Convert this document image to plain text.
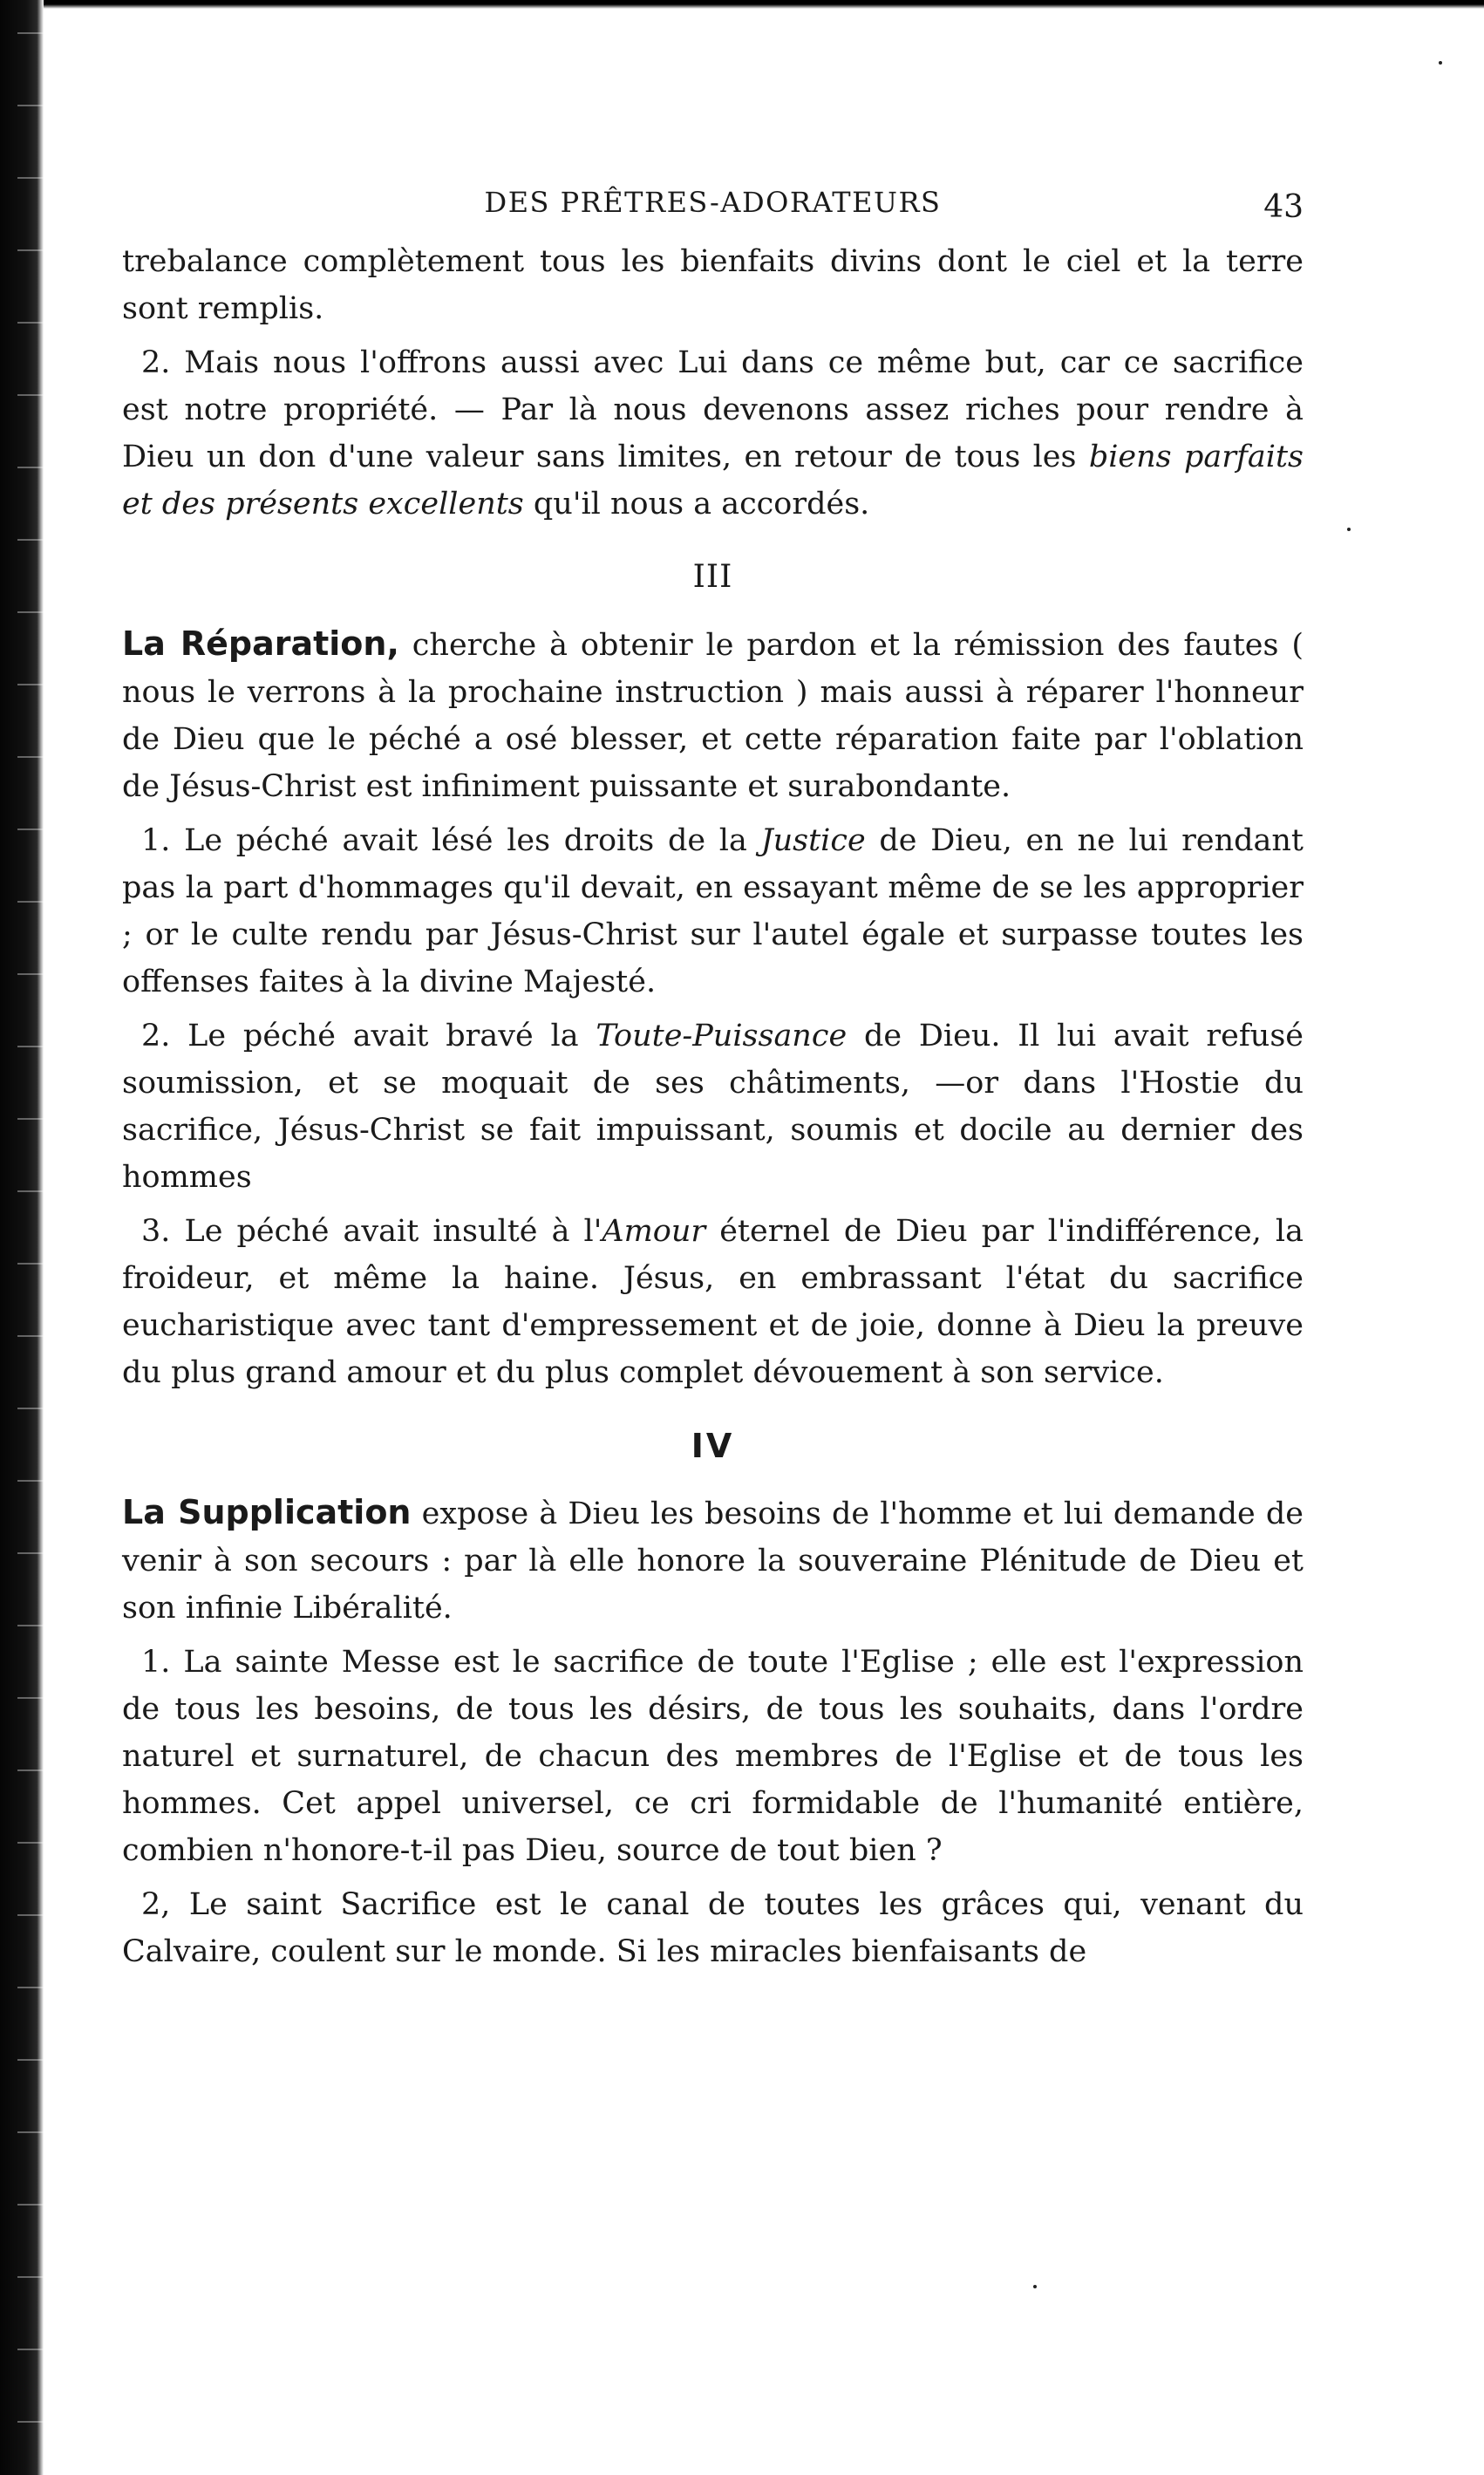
DES PRÊTRES-ADORATEURS	43

trebalance complètement tous les bienfaits divins dont le ciel et la terre sont remplis.

2. Mais nous l'offrons aussi avec Lui dans ce même but, car ce sacrifice est notre propriété. — Par là nous devenons assez riches pour rendre à Dieu un don d'une valeur sans limites, en retour de tous les biens parfaits et des présents excellents qu'il nous a accordés.

III

La Réparation, cherche à obtenir le pardon et la rémission des fautes ( nous le verrons à la prochaine instruction ) mais aussi à réparer l'honneur de Dieu que le péché a osé blesser, et cette réparation faite par l'oblation de Jésus-Christ est infiniment puissante et surabondante.

1. Le péché avait lésé les droits de la Justice de Dieu, en ne lui rendant pas la part d'hommages qu'il devait, en essayant même de se les approprier ; or le culte rendu par Jésus-Christ sur l'autel égale et surpasse toutes les offenses faites à la divine Majesté.

2. Le péché avait bravé la Toute-Puissance de Dieu. Il lui avait refusé soumission, et se moquait de ses châtiments, —or dans l'Hostie du sacrifice, Jésus-Christ se fait impuissant, soumis et docile au dernier des hommes

3. Le péché avait insulté à l'Amour éternel de Dieu par l'indifférence, la froideur, et même la haine. Jésus, en embrassant l'état du sacrifice eucharistique avec tant d'empressement et de joie, donne à Dieu la preuve du plus grand amour et du plus complet dévouement à son service.

IV

La Supplication expose à Dieu les besoins de l'homme et lui demande de venir à son secours : par là elle honore la souveraine Plénitude de Dieu et son infinie Libéralité.

1. La sainte Messe est le sacrifice de toute l'Eglise ; elle est l'expression de tous les besoins, de tous les désirs, de tous les souhaits, dans l'ordre naturel et surnaturel, de chacun des membres de l'Eglise et de tous les hommes. Cet appel universel, ce cri formidable de l'humanité entière, combien n'honore-t-il pas Dieu, source de tout bien ?

2, Le saint Sacrifice est le canal de toutes les grâces qui, venant du Calvaire, coulent sur le monde. Si les miracles bienfaisants de
